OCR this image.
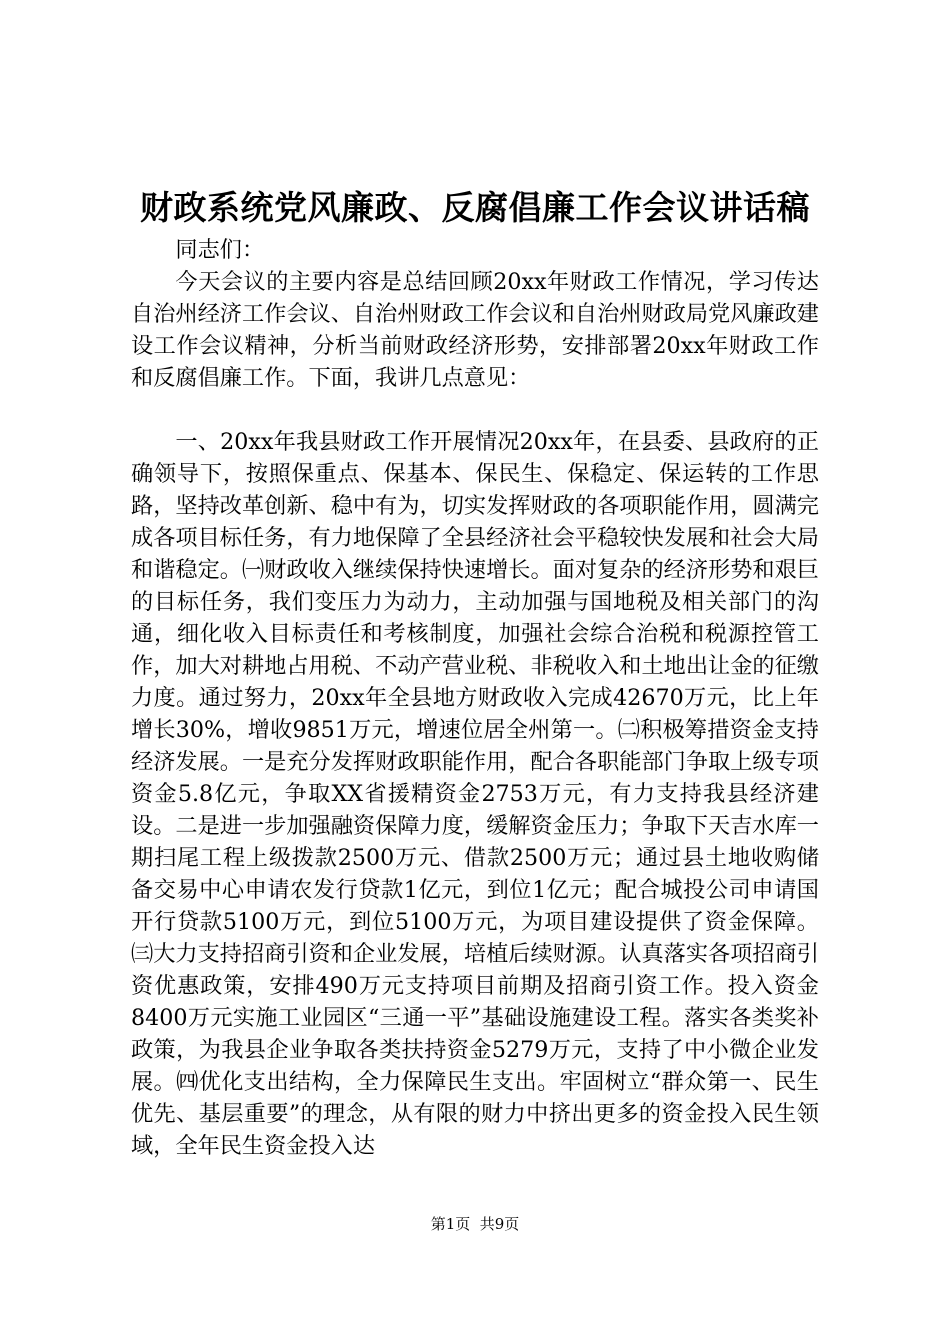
财政系统党风廉政、反腐倡廉工作会议讲话稿

同志们：

今天会议的主要内容是总结回顾20xx年财政工作情况，学习传达自治州经济工作会议、自治州财政工作会议和自治州财政局党风廉政建设工作会议精神，分析当前财政经济形势，安排部署20xx年财政工作和反腐倡廉工作。下面，我讲几点意见：

一、20xx年我县财政工作开展情况20xx年，在县委、县政府的正确领导下，按照保重点、保基本、保民生、保稳定、保运转的工作思路，坚持改革创新、稳中有为，切实发挥财政的各项职能作用，圆满完成各项目标任务，有力地保障了全县经济社会平稳较快发展和社会大局和谐稳定。㈠财政收入继续保持快速增长。面对复杂的经济形势和艰巨的目标任务，我们变压力为动力，主动加强与国地税及相关部门的沟通，细化收入目标责任和考核制度，加强社会综合治税和税源控管工作，加大对耕地占用税、不动产营业税、非税收入和土地出让金的征缴力度。通过努力，20xx年全县地方财政收入完成42670万元，比上年增长30%，增收9851万元，增速位居全州第一。㈡积极筹措资金支持经济发展。一是充分发挥财政职能作用，配合各职能部门争取上级专项资金5.8亿元，争取XX省援精资金2753万元，有力支持我县经济建设。二是进一步加强融资保障力度，缓解资金压力；争取下天吉水库一期扫尾工程上级拨款2500万元、借款2500万元；通过县土地收购储备交易中心申请农发行贷款1亿元，到位1亿元；配合城投公司申请国开行贷款5100万元，到位5100万元，为项目建设提供了资金保障。㈢大力支持招商引资和企业发展，培植后续财源。认真落实各项招商引资优惠政策，安排490万元支持项目前期及招商引资工作。投入资金8400万元实施工业园区“三通一平”基础设施建设工程。落实各类奖补政策，为我县企业争取各类扶持资金5279万元，支持了中小微企业发展。㈣优化支出结构，全力保障民生支出。牢固树立“群众第一、民生优先、基层重要”的理念，从有限的财力中挤出更多的资金投入民生领域，全年民生资金投入达

第1页  共9页
